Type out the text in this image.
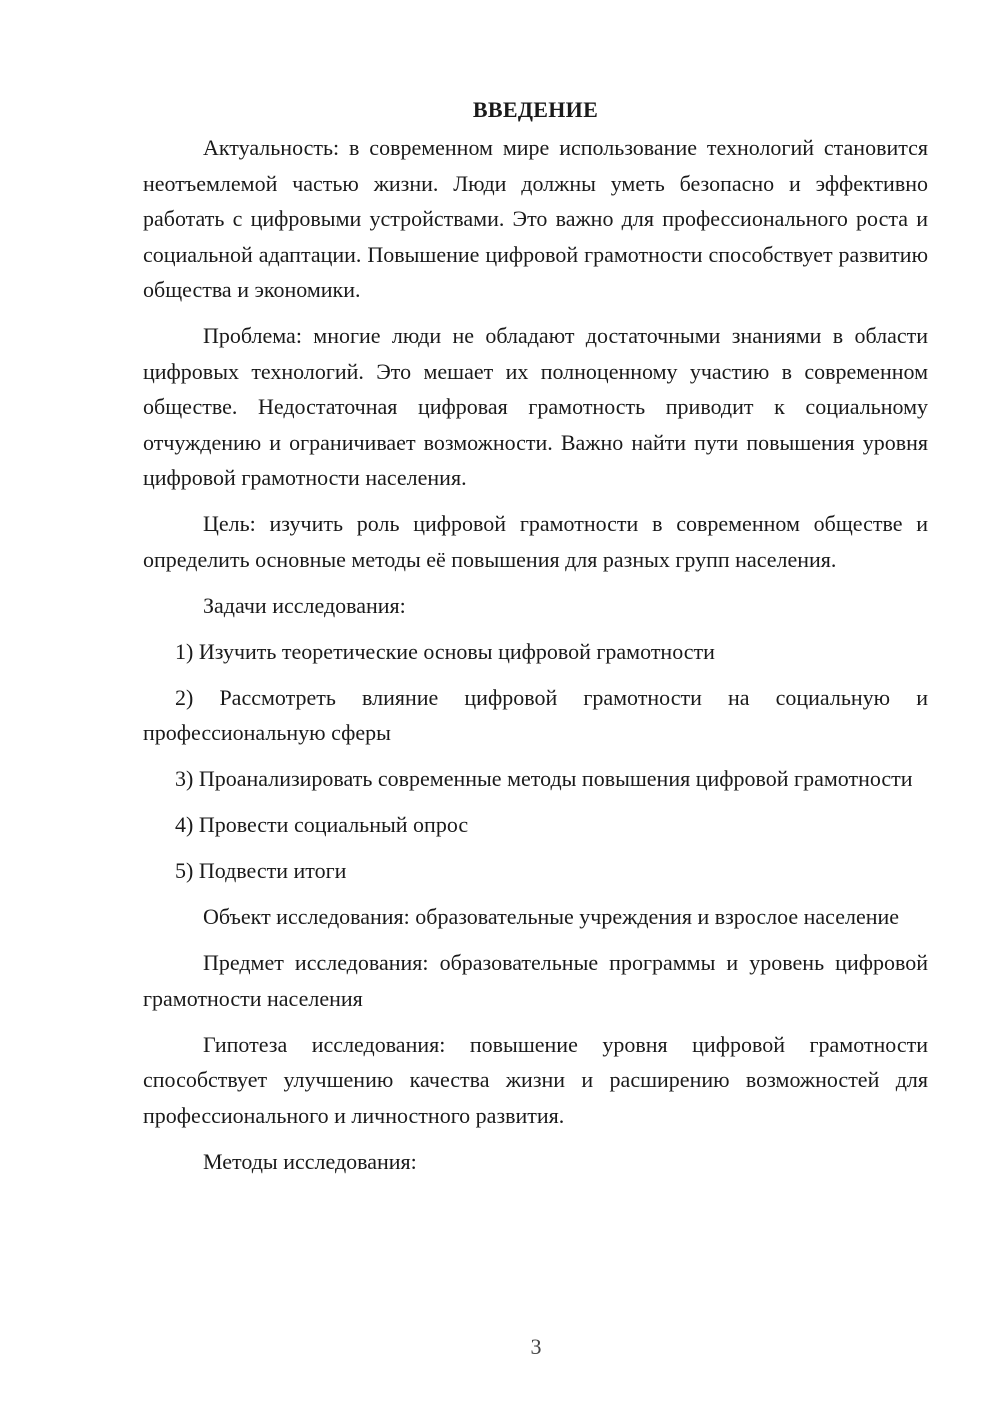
ВВЕДЕНИЕ

Актуальность: в современном мире использование технологий становится неотъемлемой частью жизни. Люди должны уметь безопасно и эффективно работать с цифровыми устройствами. Это важно для профессионального роста и социальной адаптации. Повышение цифровой грамотности способствует развитию общества и экономики.

Проблема: многие люди не обладают достаточными знаниями в области цифровых технологий. Это мешает их полноценному участию в современном обществе. Недостаточная цифровая грамотность приводит к социальному отчуждению и ограничивает возможности. Важно найти пути повышения уровня цифровой грамотности населения.

Цель: изучить роль цифровой грамотности в современном обществе и определить основные методы её повышения для разных групп населения.

Задачи исследования:

1) Изучить теоретические основы цифровой грамотности

2) Рассмотреть влияние цифровой грамотности на социальную и профессиональную сферы

3) Проанализировать современные методы повышения цифровой грамотности

4) Провести социальный опрос

5) Подвести итоги

Объект исследования: образовательные учреждения и взрослое население

Предмет исследования: образовательные программы и уровень цифровой грамотности населения

Гипотеза исследования: повышение уровня цифровой грамотности способствует улучшению качества жизни и расширению возможностей для профессионального и личностного развития.

Методы исследования:

3
